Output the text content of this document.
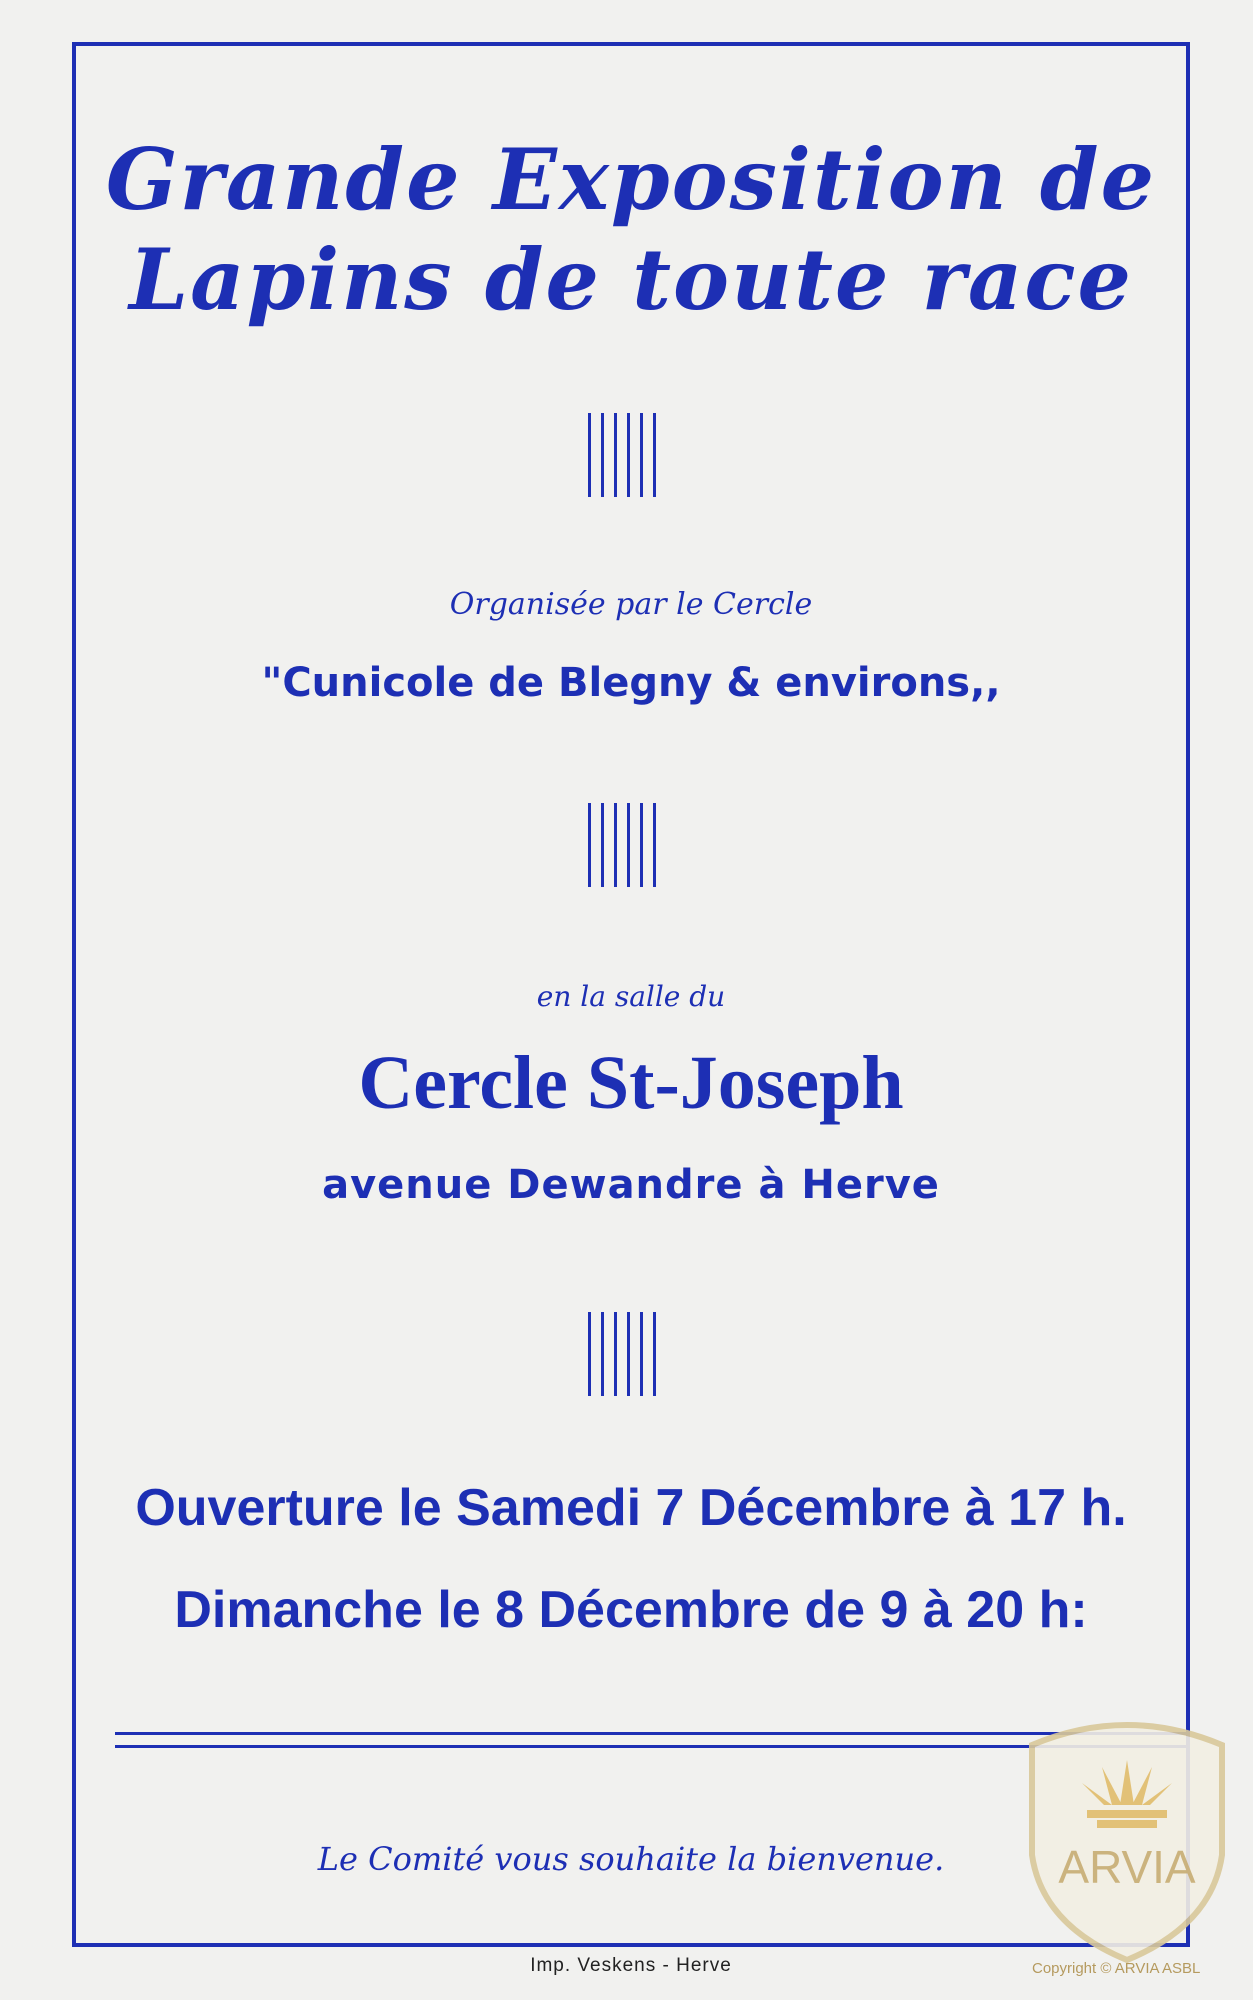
Grande Exposition de
Lapins de toute race
Organisée par le Cercle
"Cunicole de Blegny & environs,,
en la salle du
Cercle St-Joseph
avenue Dewandre à Herve
Ouverture le Samedi 7 Décembre à 17 h.
Dimanche le 8 Décembre de 9 à 20 h:
Le Comité vous souhaite la bienvenue.
Imp. Veskens - Herve
ARVIA
Copyright © ARVIA ASBL
